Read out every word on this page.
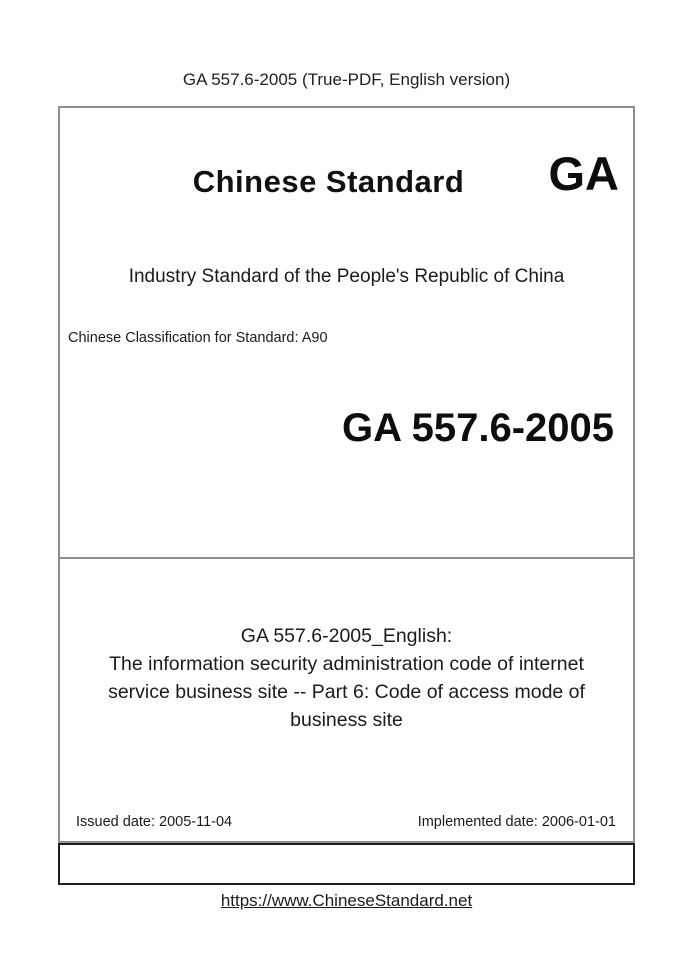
GA 557.6-2005 (True-PDF, English version)
Chinese Standard	GA
Industry Standard of the People's Republic of China
Chinese Classification for Standard: A90
GA 557.6-2005
GA 557.6-2005_English:
The information security administration code of internet service business site -- Part 6: Code of access mode of business site
Issued date: 2005-11-04	Implemented date: 2006-01-01
https://www.ChineseStandard.net
